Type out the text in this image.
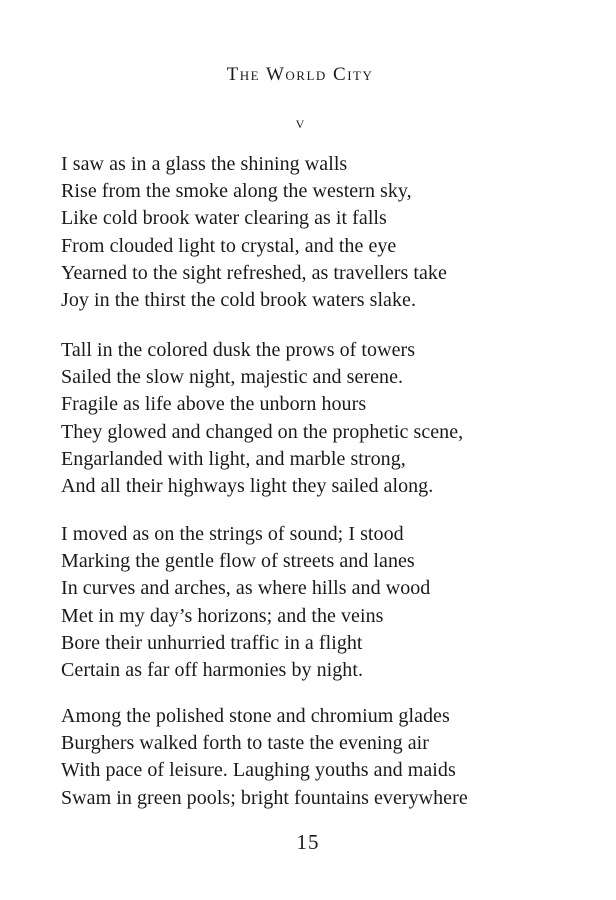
The World City
v
I saw as in a glass the shining walls
Rise from the smoke along the western sky,
Like cold brook water clearing as it falls
From clouded light to crystal, and the eye
Yearned to the sight refreshed, as travellers take
Joy in the thirst the cold brook waters slake.
Tall in the colored dusk the prows of towers
Sailed the slow night, majestic and serene.
Fragile as life above the unborn hours
They glowed and changed on the prophetic scene,
Engarlanded with light, and marble strong,
And all their highways light they sailed along.
I moved as on the strings of sound; I stood
Marking the gentle flow of streets and lanes
In curves and arches, as where hills and wood
Met in my day’s horizons; and the veins
Bore their unhurried traffic in a flight
Certain as far off harmonies by night.
Among the polished stone and chromium glades
Burghers walked forth to taste the evening air
With pace of leisure. Laughing youths and maids
Swam in green pools; bright fountains everywhere
15
